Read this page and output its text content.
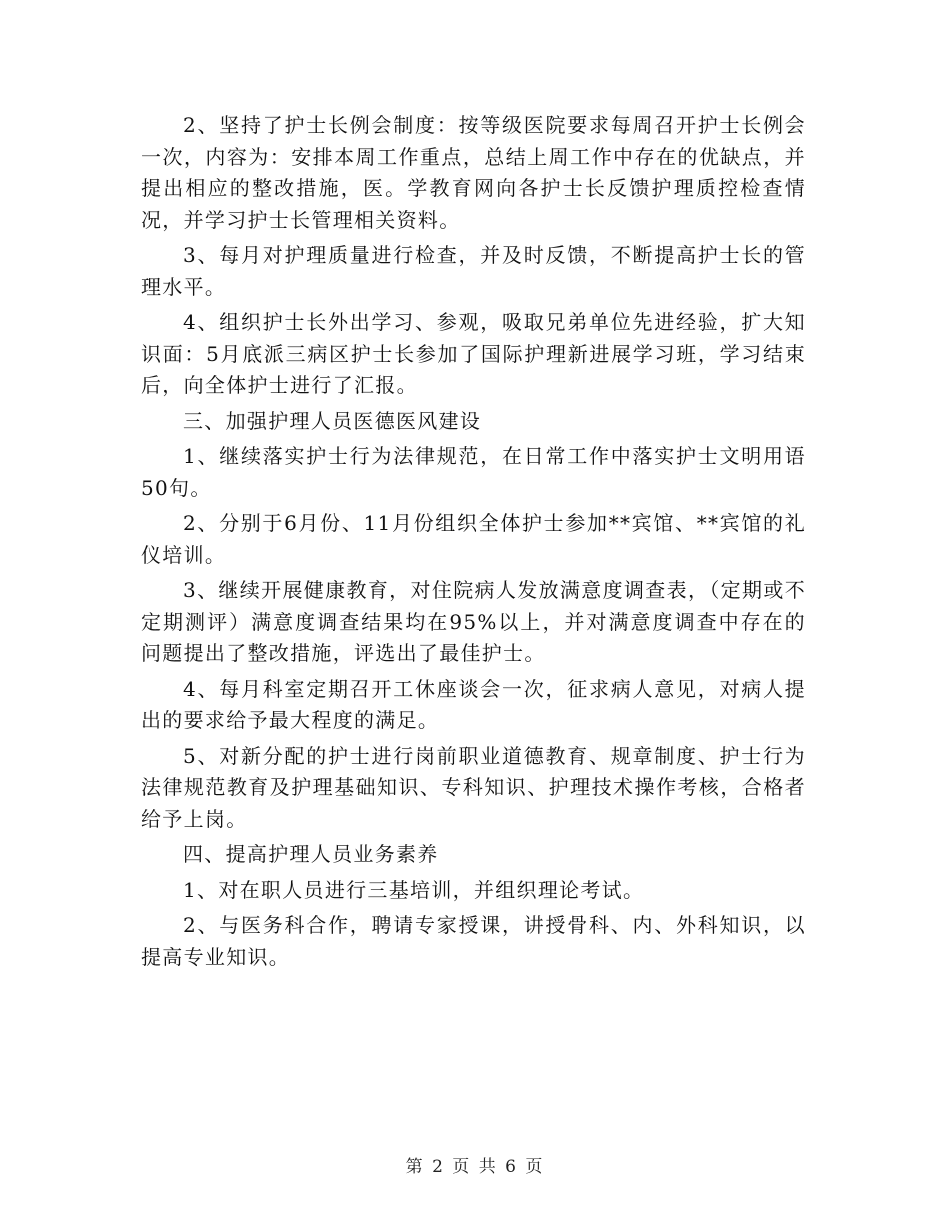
2、坚持了护士长例会制度：按等级医院要求每周召开护士长例会一次，内容为：安排本周工作重点，总结上周工作中存在的优缺点，并提出相应的整改措施，医。学教育网向各护士长反馈护理质控检查情况，并学习护士长管理相关资料。

3、每月对护理质量进行检查，并及时反馈，不断提高护士长的管理水平。

4、组织护士长外出学习、参观，吸取兄弟单位先进经验，扩大知识面：5月底派三病区护士长参加了国际护理新进展学习班，学习结束后，向全体护士进行了汇报。

三、加强护理人员医德医风建设

1、继续落实护士行为法律规范，在日常工作中落实护士文明用语50句。

2、分别于6月份、11月份组织全体护士参加**宾馆、**宾馆的礼仪培训。

3、继续开展健康教育，对住院病人发放满意度调查表，（定期或不定期测评）满意度调查结果均在95%以上，并对满意度调查中存在的问题提出了整改措施，评选出了最佳护士。

4、每月科室定期召开工休座谈会一次，征求病人意见，对病人提出的要求给予最大程度的满足。

5、对新分配的护士进行岗前职业道德教育、规章制度、护士行为法律规范教育及护理基础知识、专科知识、护理技术操作考核，合格者给予上岗。

四、提高护理人员业务素养

1、对在职人员进行三基培训，并组织理论考试。

2、与医务科合作，聘请专家授课，讲授骨科、内、外科知识，以提高专业知识。

第 2 页 共 6 页
